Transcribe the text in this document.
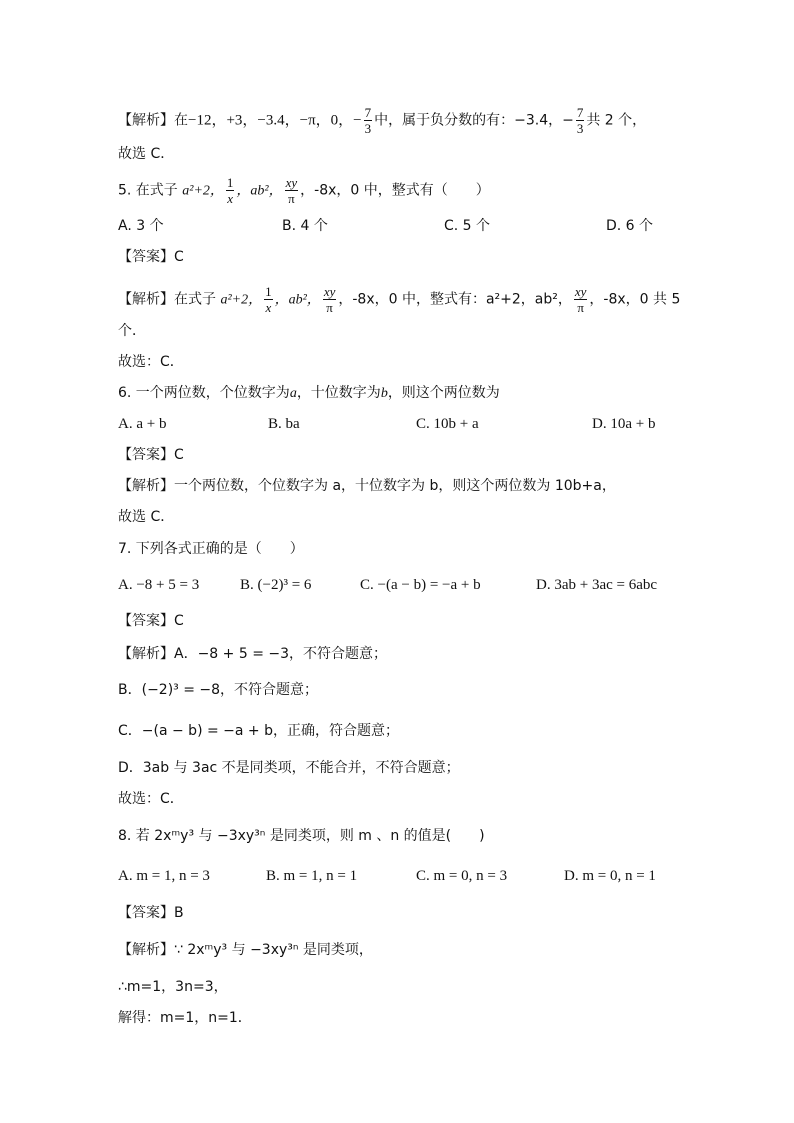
【解析】在−12，+3，−3.4，−π，0，− $\frac{7}{3}$ 中，属于负分数的有：−3.4，− $\frac{7}{3}$ 共 2 个，
故选 C．
5. 在式子 a²+2， $\frac{1}{x}$ ，ab²， $\frac{xy}{\pi}$ ，-8x，0 中，整式有（　　）
A. 3 个	B. 4 个	C. 5 个	D. 6 个
【答案】C
【解析】在式子 a²+2， $\frac{1}{x}$ ，ab²， $\frac{xy}{\pi}$ ，-8x，0 中，整式有：a²+2，ab²， $\frac{xy}{\pi}$ ，-8x，0 共 5
个．
故选：C．
6. 一个两位数，个位数字为a，十位数字为b，则这个两位数为
A. a + b	B. ba	C. 10b + a	D. 10a + b
【答案】C
【解析】一个两位数，个位数字为 a，十位数字为 b，则这个两位数为 10b+a，
故选 C．
7. 下列各式正确的是（　　）
A. −8 + 5 = 3	B. (−2)³ = 6	C. −(a − b) = −a + b	D. 3ab + 3ac = 6abc
【答案】C
【解析】A．−8 + 5 = −3，不符合题意；
B．(−2)³ = −8，不符合题意；
C．−(a − b) = −a + b，正确，符合题意；
D．3ab 与 3ac 不是同类项，不能合并，不符合题意；
故选：C．
8. 若 2xᵐy³ 与 −3xy³ⁿ 是同类项，则 m 、n 的值是(　　)
A. m = 1, n = 3	B. m = 1, n = 1	C. m = 0, n = 3	D. m = 0, n = 1
【答案】B
【解析】∵ 2xᵐy³ 与 −3xy³ⁿ 是同类项，
∴m=1，3n=3，
解得：m=1，n=1．
